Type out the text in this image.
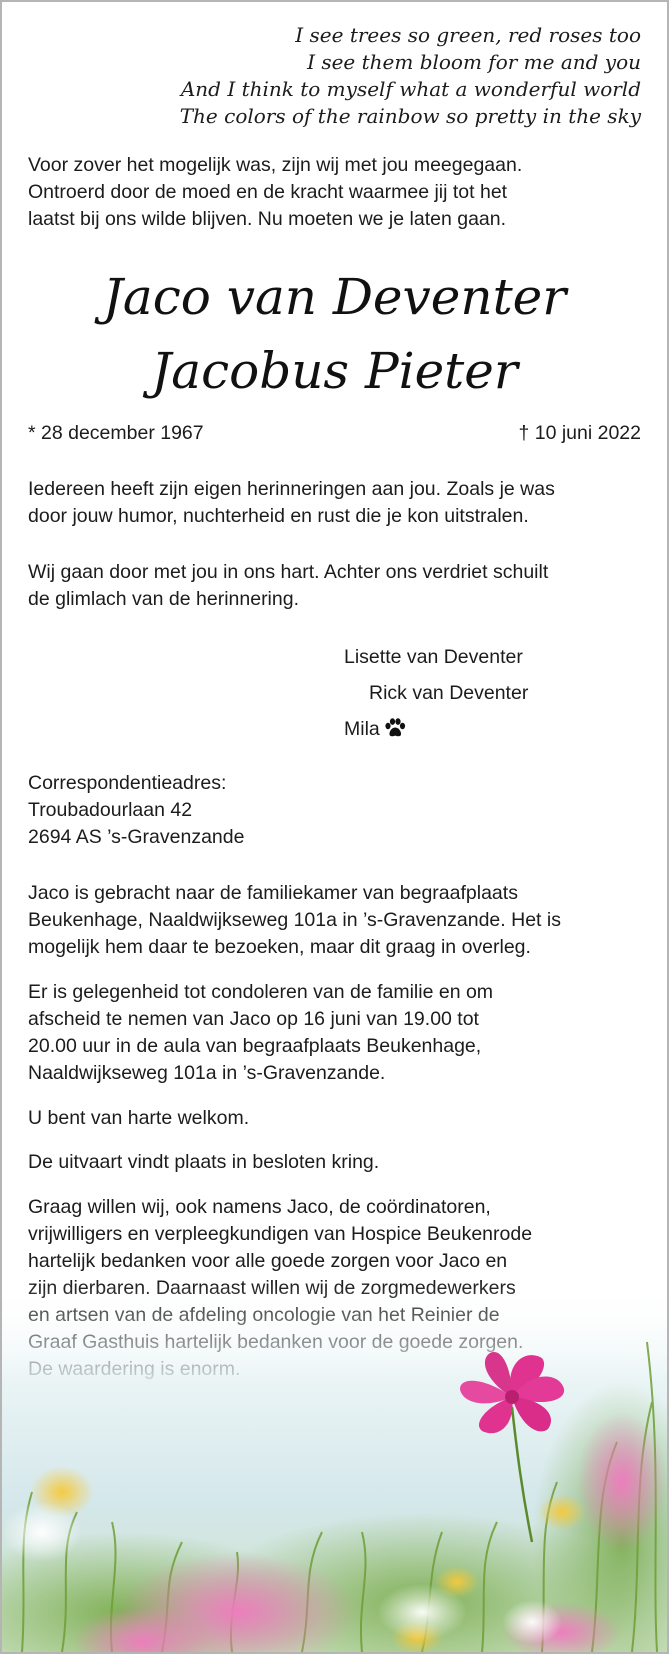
I see trees so green, red roses too
I see them bloom for me and you
And I think to myself what a wonderful world
The colors of the rainbow so pretty in the sky
Voor zover het mogelijk was, zijn wij met jou meegegaan.
Ontroerd door de moed en de kracht waarmee jij tot het
laatst bij ons wilde blijven. Nu moeten we je laten gaan.
Jaco van Deventer
Jacobus Pieter
* 28 december 1967	† 10 juni 2022
Iedereen heeft zijn eigen herinneringen aan jou. Zoals je was
door jouw humor, nuchterheid en rust die je kon uitstralen.
Wij gaan door met jou in ons hart. Achter ons verdriet schuilt
de glimlach van de herinnering.
Lisette van Deventer
Rick van Deventer
Mila
Correspondentieadres:
Troubadourlaan 42
2694 AS ’s-Gravenzande
Jaco is gebracht naar de familiekamer van begraafplaats
Beukenhage, Naaldwijkseweg 101a in ’s-Gravenzande. Het is
mogelijk hem daar te bezoeken, maar dit graag in overleg.
Er is gelegenheid tot condoleren van de familie en om
afscheid te nemen van Jaco op 16 juni van 19.00 tot
20.00 uur in de aula van begraafplaats Beukenhage,
Naaldwijkseweg 101a in ’s-Gravenzande.
U bent van harte welkom.
De uitvaart vindt plaats in besloten kring.
Graag willen wij, ook namens Jaco, de coördinatoren,
vrijwilligers en verpleegkundigen van Hospice Beukenrode
hartelijk bedanken voor alle goede zorgen voor Jaco en
